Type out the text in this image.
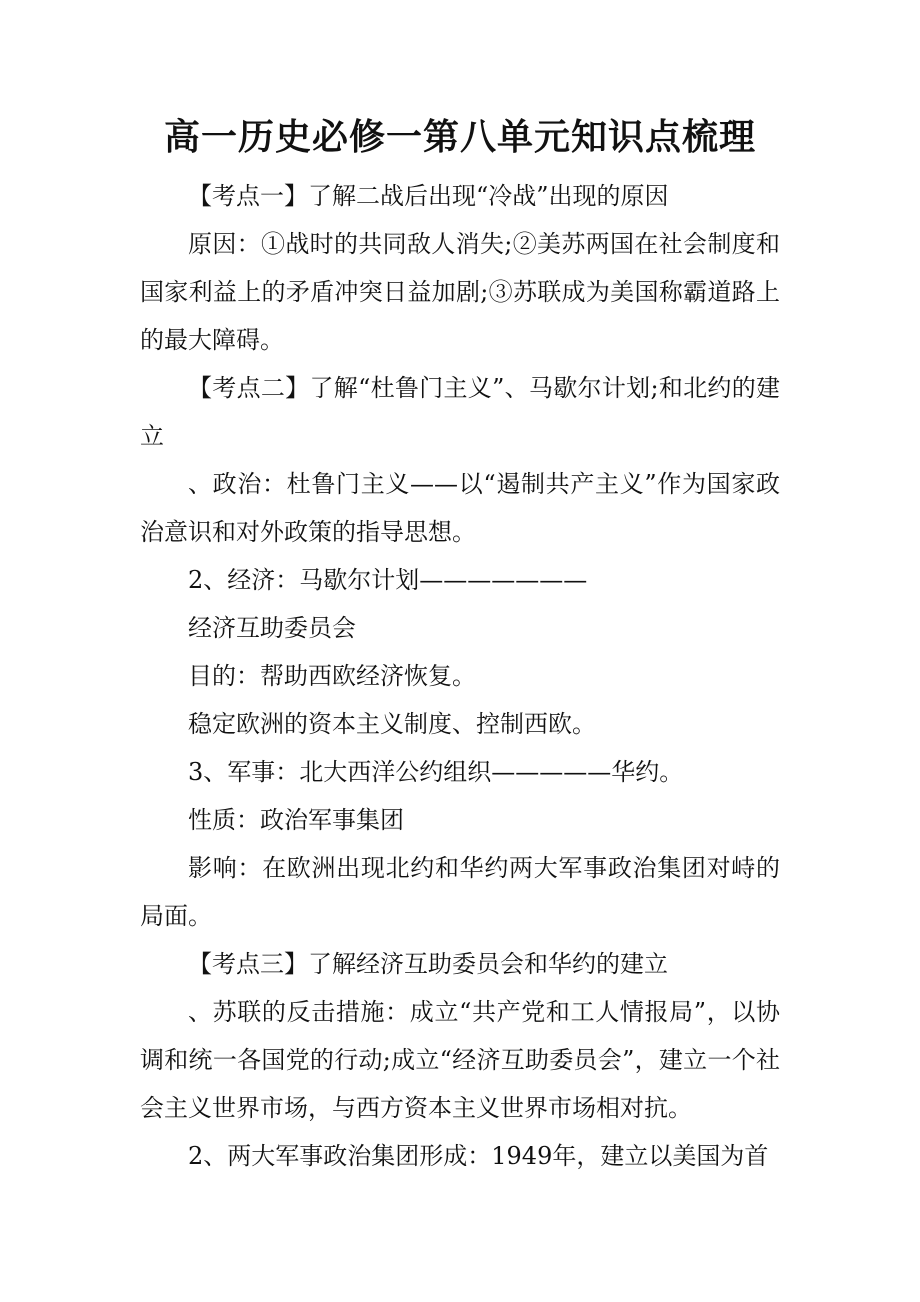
高一历史必修一第八单元知识点梳理

【考点一】了解二战后出现“冷战”出现的原因

原因：①战时的共同敌人消失;②美苏两国在社会制度和国家利益上的矛盾冲突日益加剧;③苏联成为美国称霸道路上的最大障碍。

【考点二】了解“杜鲁门主义”、马歇尔计划;和北约的建立

、政治：杜鲁门主义——以“遏制共产主义”作为国家政治意识和对外政策的指导思想。

2、经济：马歇尔计划———————

经济互助委员会

目的：帮助西欧经济恢复。

稳定欧洲的资本主义制度、控制西欧。

3、军事：北大西洋公约组织—————华约。

性质：政治军事集团

影响：在欧洲出现北约和华约两大军事政治集团对峙的局面。

【考点三】了解经济互助委员会和华约的建立

、苏联的反击措施：成立“共产党和工人情报局”，以协调和统一各国党的行动;成立“经济互助委员会”，建立一个社会主义世界市场，与西方资本主义世界市场相对抗。

2、两大军事政治集团形成：1949年，建立以美国为首
